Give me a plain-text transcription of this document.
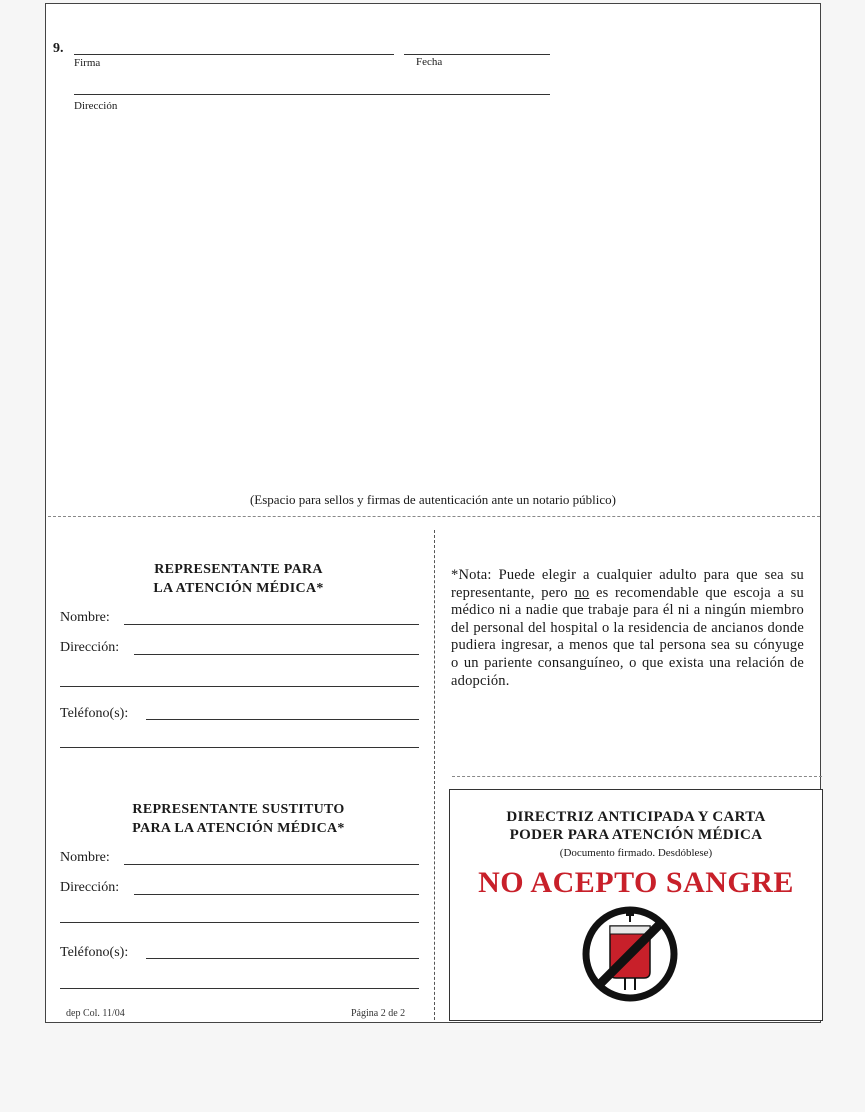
9.
Firma	Fecha
Dirección
(Espacio para sellos y firmas de autenticación ante un notario público)
REPRESENTANTE PARA
LA ATENCIÓN MÉDICA*
Nombre:
Dirección:
Teléfono(s):
REPRESENTANTE SUSTITUTO
PARA LA ATENCIÓN MÉDICA*
Nombre:
Dirección:
Teléfono(s):
dep Col. 11/04	Página 2 de 2
*Nota: Puede elegir a cualquier adulto para que sea su representante, pero no es recomendable que escoja a su médico ni a nadie que trabaje para él ni a ningún miembro del personal del hospital o la residencia de ancianos donde pudiera ingresar, a menos que tal persona sea su cónyuge o un pariente consanguíneo, o que exista una relación de adopción.
DIRECTRIZ ANTICIPADA Y CARTA
PODER PARA ATENCIÓN MÉDICA
(Documento firmado. Desdóblese)
NO ACEPTO SANGRE
